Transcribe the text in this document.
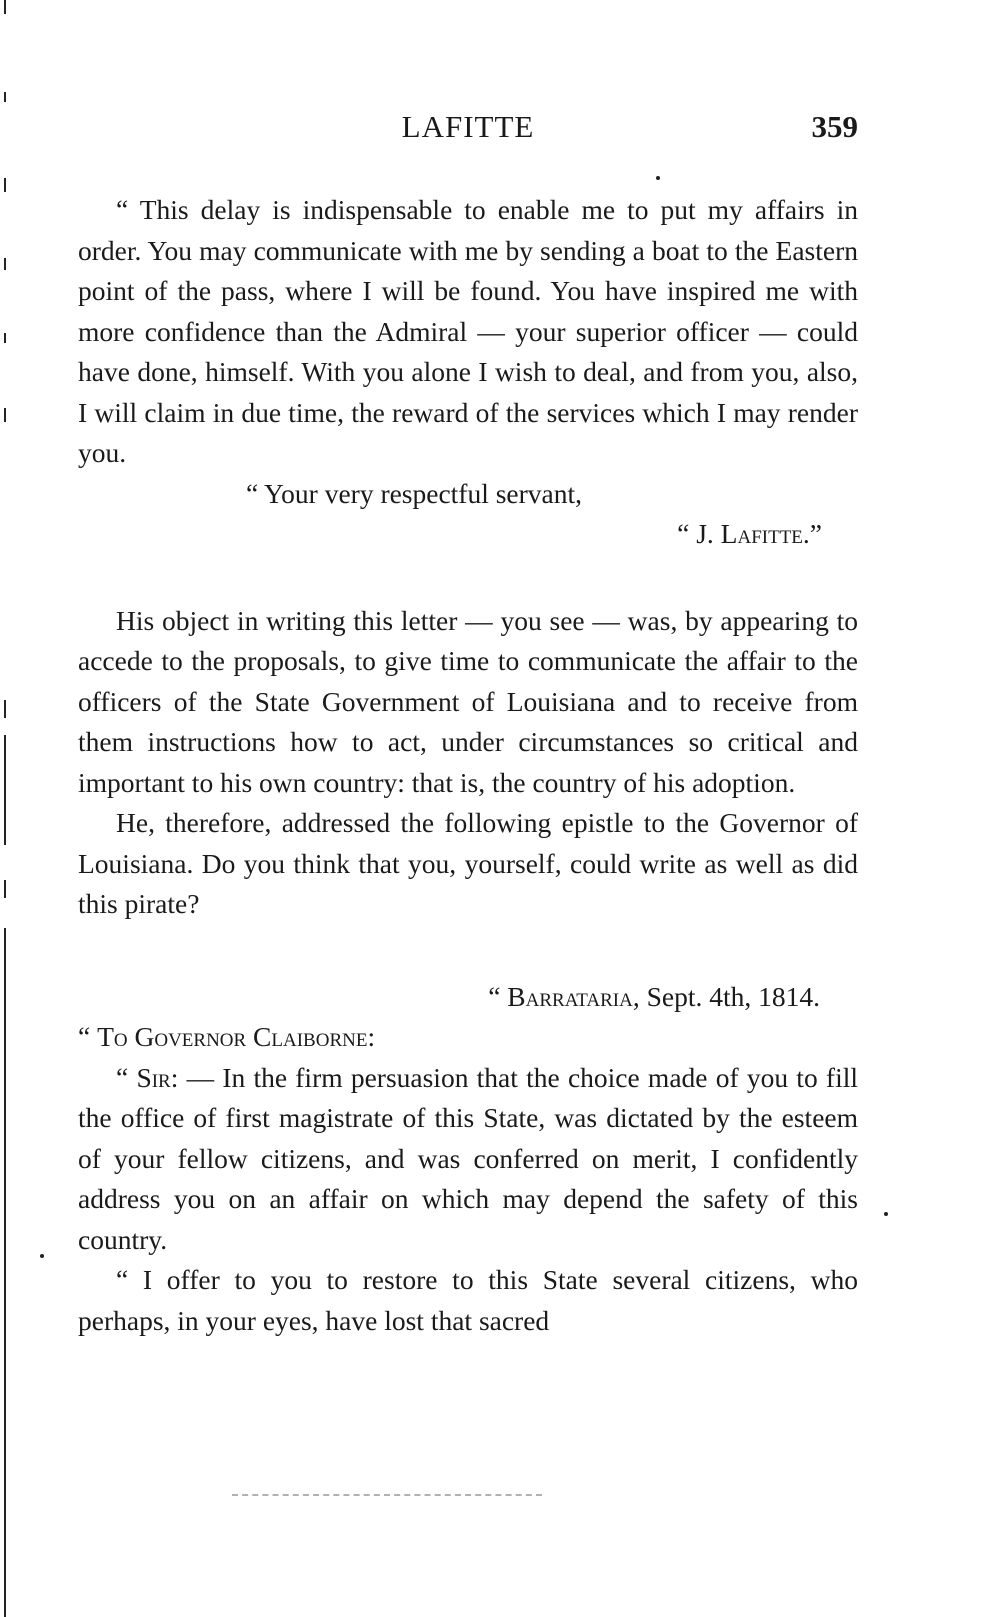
LAFITTE	359

“ This delay is indispensable to enable me to put my affairs in order. You may communicate with me by sending a boat to the Eastern point of the pass, where I will be found. You have inspired me with more confidence than the Admiral — your superior officer — could have done, himself. With you alone I wish to deal, and from you, also, I will claim in due time, the reward of the services which I may render you.

“ Your very respectful servant,

“ J. Lafitte.”

His object in writing this letter — you see — was, by appearing to accede to the proposals, to give time to communicate the affair to the officers of the State Government of Louisiana and to receive from them instructions how to act, under circumstances so critical and important to his own country: that is, the country of his adoption.

He, therefore, addressed the following epistle to the Governor of Louisiana. Do you think that you, yourself, could write as well as did this pirate?

“ Barrataria, Sept. 4th, 1814.

“ To Governor Claiborne:

“ Sir: — In the firm persuasion that the choice made of you to fill the office of first magistrate of this State, was dictated by the esteem of your fellow citizens, and was conferred on merit, I confidently address you on an affair on which may depend the safety of this country.

“ I offer to you to restore to this State several citizens, who perhaps, in your eyes, have lost that sacred
